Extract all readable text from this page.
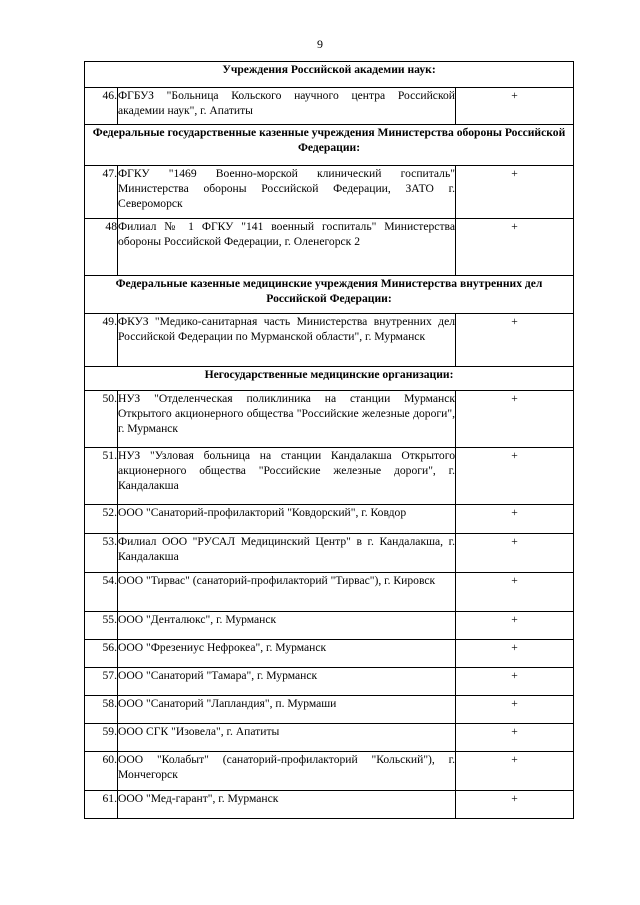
9
Учреждения Российской академии наук:		
46.	ФГБУЗ "Больница Кольского научного центра Российской академии наук", г. Апатиты	+
Федеральные государственные казенные учреждения Министерства обороны Российской Федерации:		
47.	ФГКУ "1469 Военно-морской клинический госпиталь" Министерства обороны Российской Федерации, ЗАТО г. Североморск	+
48	Филиал № 1 ФГКУ "141 военный госпиталь" Министерства обороны Российской Федерации, г. Оленегорск 2	+
Федеральные казенные медицинские учреждения Министерства внутренних дел Российской Федерации:		
49.	ФКУЗ "Медико-санитарная часть Министерства внутренних дел Российской Федерации по Мурманской области", г. Мурманск	+
Негосударственные медицинские организации:		
50.	НУЗ "Отделенческая поликлиника на станции Мурманск Открытого акционерного общества "Российские железные дороги", г. Мурманск	+
51.	НУЗ "Узловая больница на станции Кандалакша Открытого акционерного общества "Российские железные дороги", г. Кандалакша	+
52.	ООО "Санаторий-профилакторий "Ковдорский", г. Ковдор	+
53.	Филиал ООО "РУСАЛ Медицинский Центр" в г. Кандалакша, г. Кандалакша	+
54.	ООО "Тирвас" (санаторий-профилакторий "Тирвас"), г. Кировск	+
55.	ООО "Денталюкс", г. Мурманск	+
56.	ООО "Фрезениус Нефрокеа", г. Мурманск	+
57.	ООО "Санаторий "Тамара", г. Мурманск	+
58.	ООО "Санаторий "Лапландия", п. Мурмаши	+
59.	ООО СГК "Изовела", г. Апатиты	+
60.	ООО "Колабыт" (санаторий-профилакторий "Кольский"), г. Мончегорск	+
61.	ООО "Мед-гарант", г. Мурманск	+
